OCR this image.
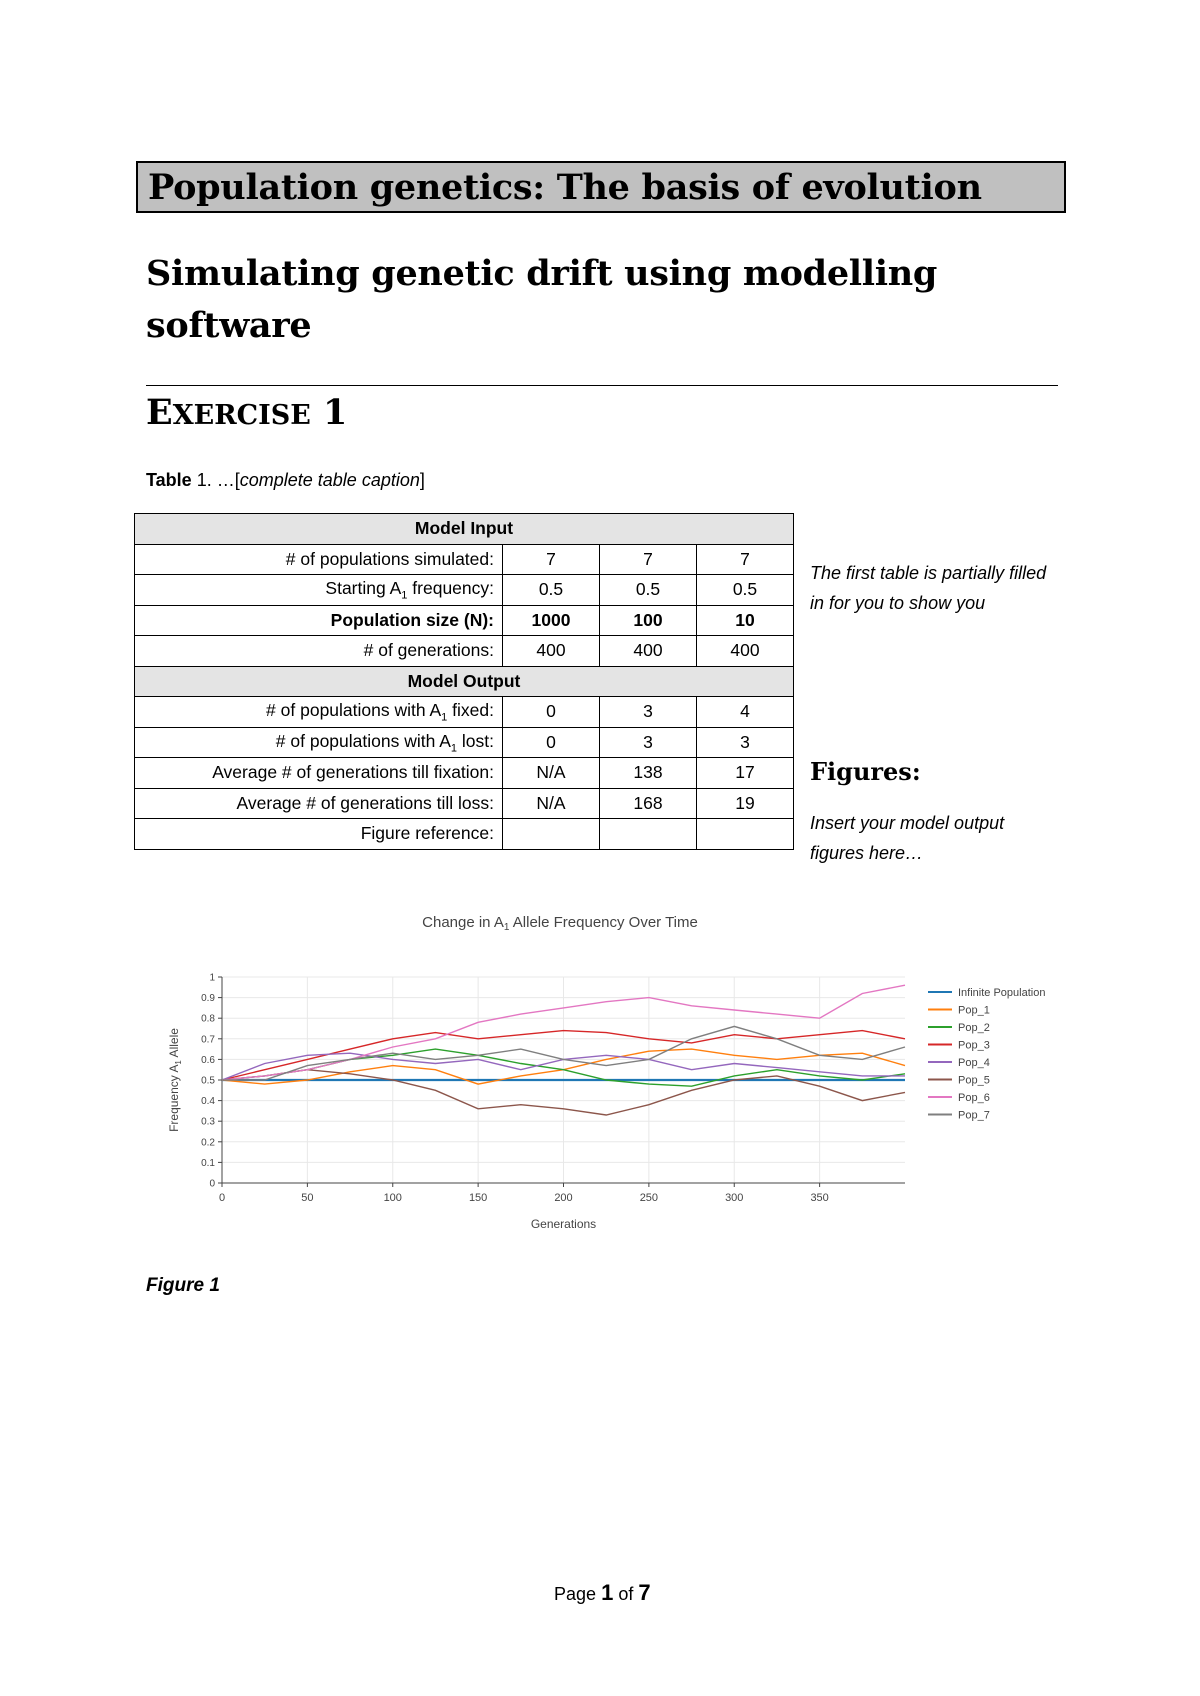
Population genetics: The basis of evolution
Simulating genetic drift using modelling software
EXERCISE 1
Table 1. …[complete table caption]
Model Input			
# of populations simulated:	7	7	7
Starting $A_1$ frequency:	0.5	0.5	0.5
Population size (N):	1000	100	10
# of generations:	400	400	400
Model Output			
# of populations with $A_1$ fixed:	0	3	4
# of populations with $A_1$ lost:	0	3	3
Average # of generations till fixation:	N/A	138	17
Average # of generations till loss:	N/A	168	19
Figure reference:			
The first table is partially filled in for you to show you
Figures:
Insert your model output figures here…
Change in $A_1$ Allele Frequency Over Time
0
0.1
0.2
0.3
0.4
0.5
0.6
0.7
0.8
0.9
1
0	50	100	150	200	250	300	350
Generations
Frequency $A_1$ Allele
Infinite Population
Pop_1
Pop_2
Pop_3
Pop_4
Pop_5
Pop_6
Pop_7
Figure 1
Page 1 of 7
